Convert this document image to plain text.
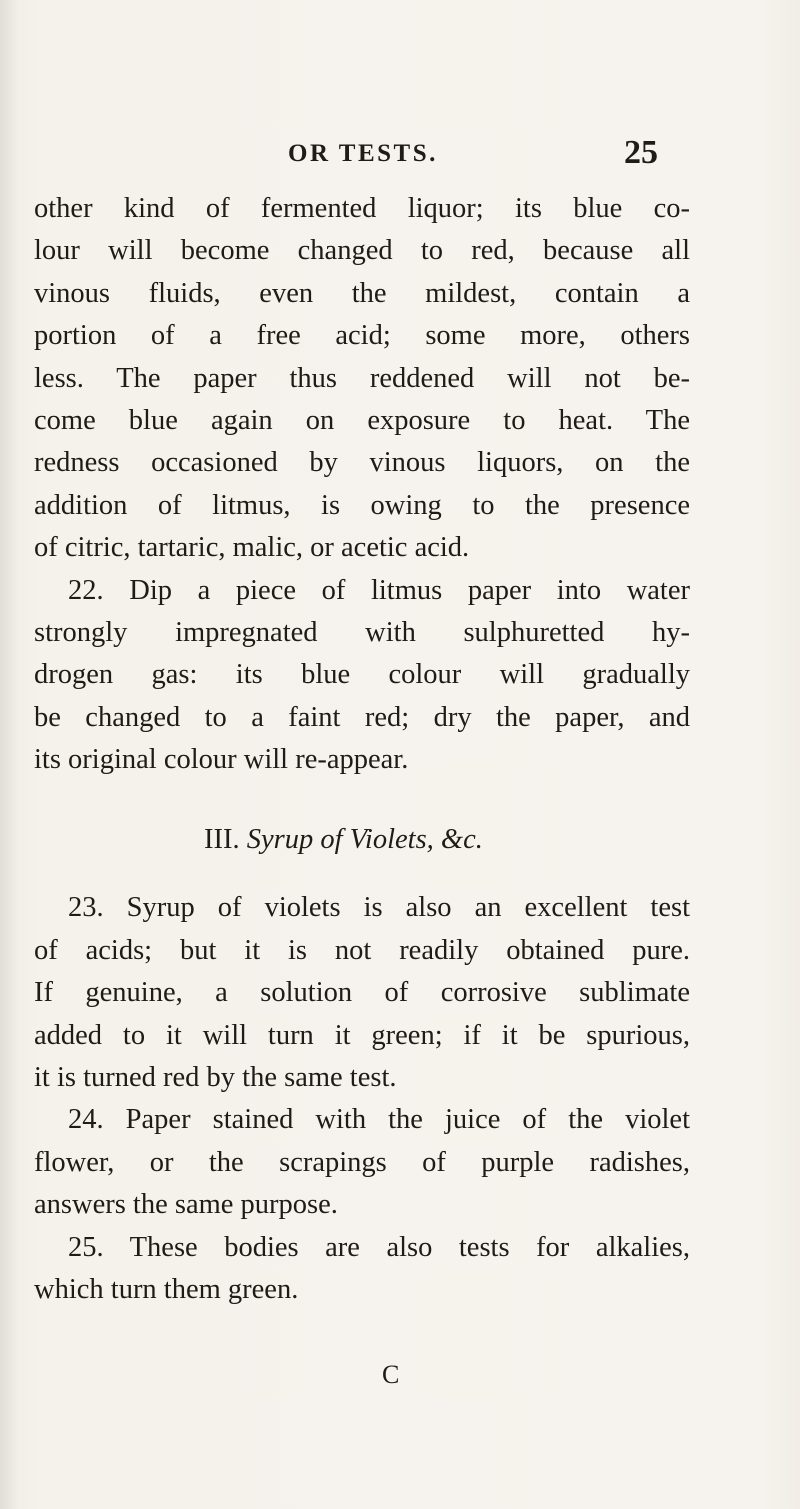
OR TESTS.	25
other kind of fermented liquor; its blue co-
lour will become changed to red, because all
vinous fluids, even the mildest, contain a
portion of a free acid; some more, others
less. The paper thus reddened will not be-
come blue again on exposure to heat. The
redness occasioned by vinous liquors, on the
addition of litmus, is owing to the presence
of citric, tartaric, malic, or acetic acid.
22. Dip a piece of litmus paper into water
strongly impregnated with sulphuretted hy-
drogen gas: its blue colour will gradually
be changed to a faint red; dry the paper, and
its original colour will re-appear.
III. Syrup of Violets, &c.
23. Syrup of violets is also an excellent test
of acids; but it is not readily obtained pure.
If genuine, a solution of corrosive sublimate
added to it will turn it green; if it be spurious,
it is turned red by the same test.
24. Paper stained with the juice of the violet
flower, or the scrapings of purple radishes,
answers the same purpose.
25. These bodies are also tests for alkalies,
which turn them green.
C
